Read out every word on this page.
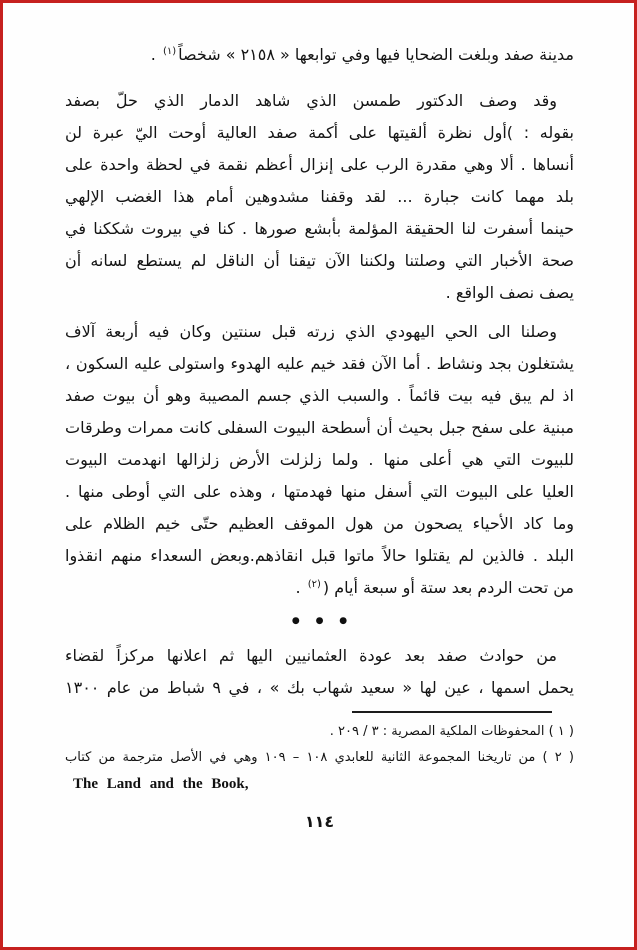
مدينة صفد وبلغت الضحايا فيها وفي توابعها « ٢١٥٨ » شخصاً$^{(١)}$ .
وقد وصف الدكتور طمسن الذي شاهد الدمار الذي حلّ بصفد
بقوله : )أول نظرة ألقيتها على أكمة صفد العالية أوحت اليّ عبرة لن
أنساها . ألا وهي مقدرة الرب على إنزال أعظم نقمة في لحظة واحدة على
بلد مهما كانت جبارة ... لقد وقفنا مشدوهين أمام هذا الغضب الإلهي
حينما أسفرت لنا الحقيقة المؤلمة بأبشع صورها . كنا في بيروت شككنا في
صحة الأخبار التي وصلتنا ولكننا الآن تيقنا أن الناقل لم يستطع لسانه أن
يصف نصف الواقع .
وصلنا الى الحي اليهودي الذي زرته قبل سنتين وكان فيه أربعة آلاف
يشتغلون بجد ونشاط . أما الآن فقد خيم عليه الهدوء واستولى عليه السكون ،
اذ لم يبق فيه بيت قائماً . والسبب الذي جسم المصيبة وهو أن بيوت صفد
مبنية على سفح جبل بحيث أن أسطحة البيوت السفلى كانت ممرات وطرقات
للبيوت التي هي أعلى منها . ولما زلزلت الأرض زلزالها انهدمت البيوت
العليا على البيوت التي أسفل منها فهدمتها ، وهذه على التي أوطى منها .
وما كاد الأحياء يصحون من هول الموقف العظيم حتّى خيم الظلام على
البلد . فالذين لم يقتلوا حالاً ماتوا قبل انقاذهم.وبعض السعداء منهم انقذوا
من تحت الردم بعد ستة أو سبعة أيام ($^{(٢)}$ .
● ● ●
من حوادث صفد بعد عودة العثمانيين اليها ثم اعلانها مركزاً لقضاء
يحمل اسمها ، عين لها « سعيد شهاب بك » ، في ٩ شباط من عام ١٣٠٠
( ١ ) المحفوظات الملكية المصرية : ٣ / ٢٠٩ .
( ٢ ) من تاريخنا المجموعة الثانية للعابدي ١٠٨ – ١٠٩ وهي في الأصل مترجمة من كتاب
The Land and the Book,
١١٤
